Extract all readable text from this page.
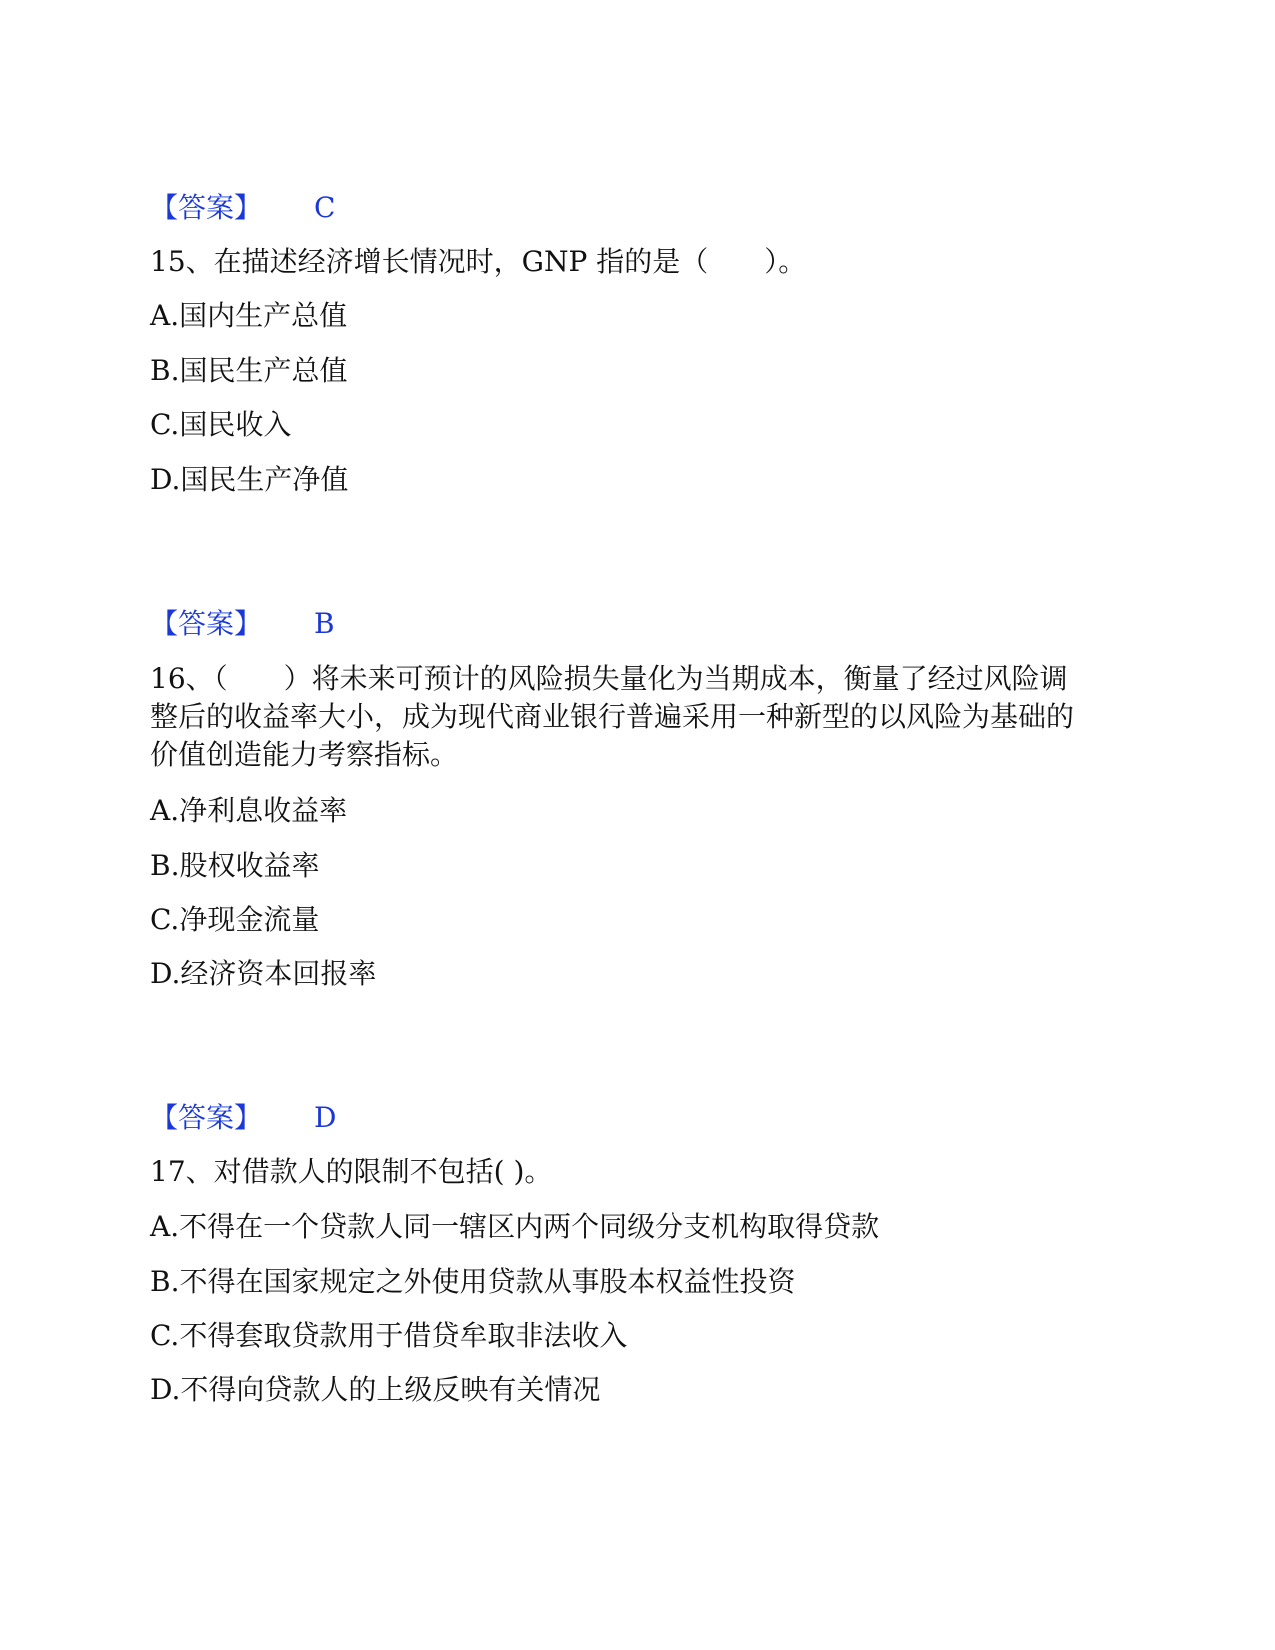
【答案】 C
15、在描述经济增长情况时，GNP 指的是（　　）。
A.国内生产总值
B.国民生产总值
C.国民收入
D.国民生产净值
【答案】 B
16、（　　）将未来可预计的风险损失量化为当期成本，衡量了经过风险调
整后的收益率大小，成为现代商业银行普遍采用一种新型的以风险为基础的
价值创造能力考察指标。
A.净利息收益率
B.股权收益率
C.净现金流量
D.经济资本回报率
【答案】 D
17、对借款人的限制不包括( )。
A.不得在一个贷款人同一辖区内两个同级分支机构取得贷款
B.不得在国家规定之外使用贷款从事股本权益性投资
C.不得套取贷款用于借贷牟取非法收入
D.不得向贷款人的上级反映有关情况
